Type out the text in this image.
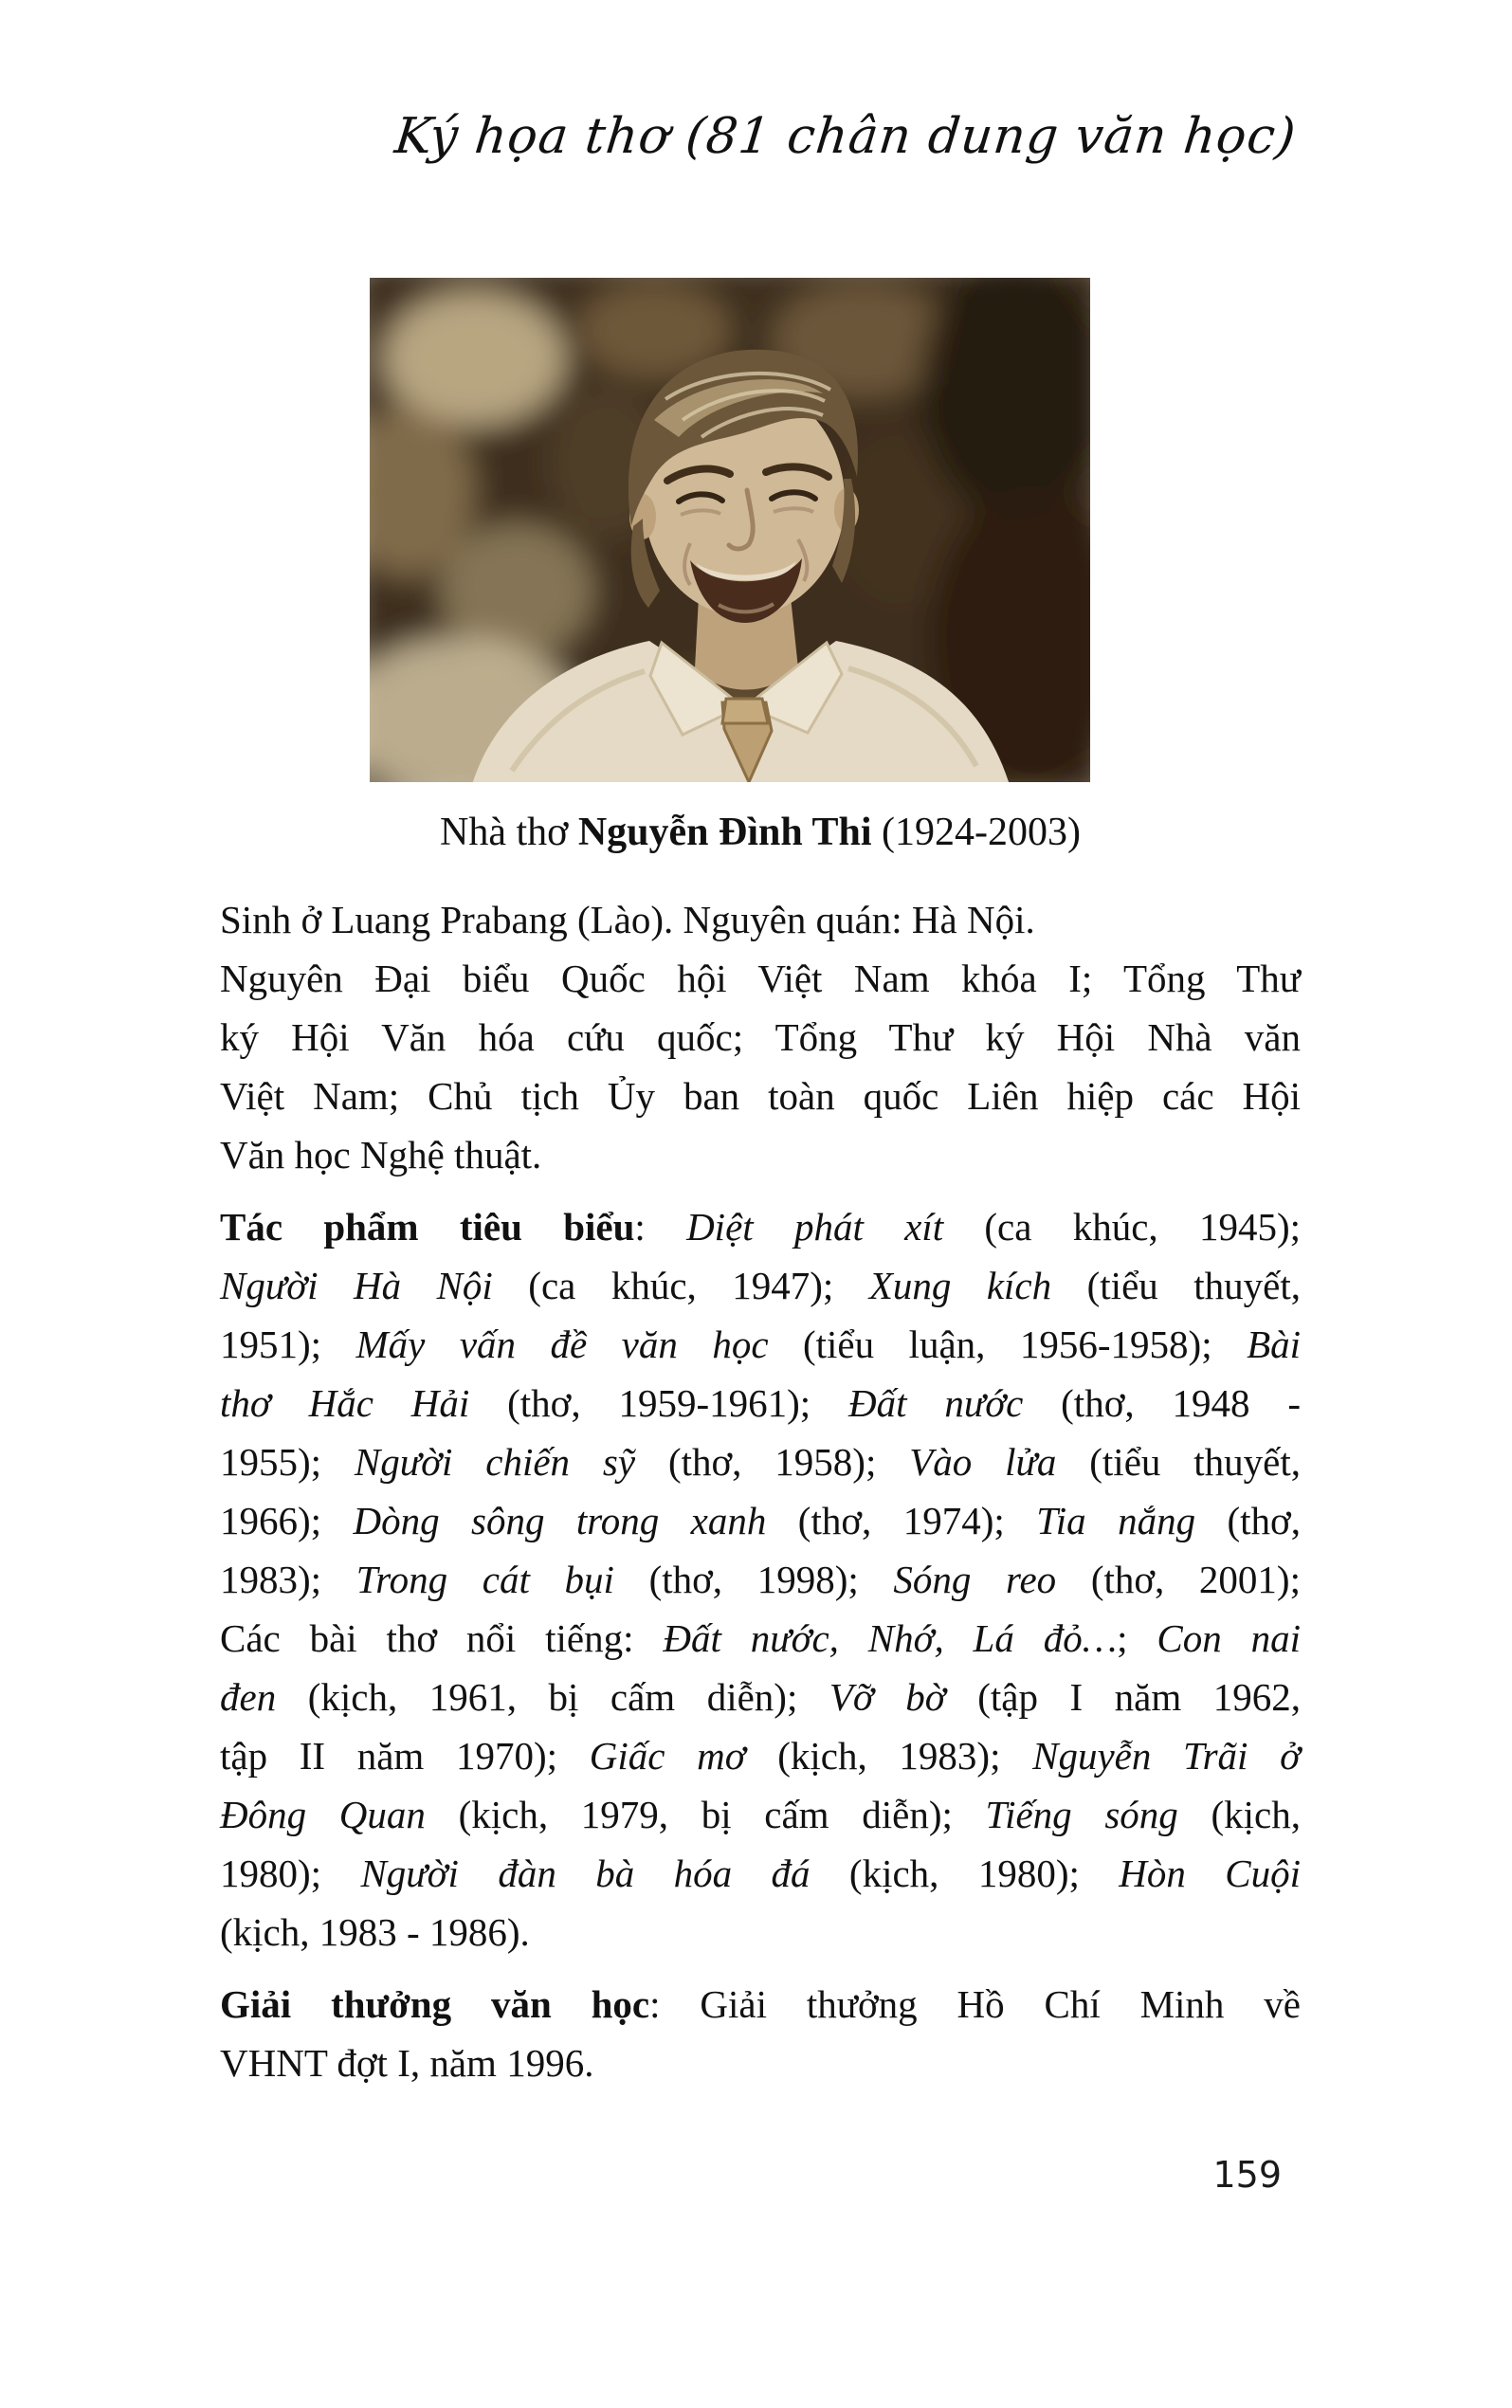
Ký họa thơ (81 chân dung văn học)
Nhà thơ Nguyễn Đình Thi (1924-2003)
Sinh ở Luang Prabang (Lào). Nguyên quán: Hà Nội.
Nguyên Đại biểu Quốc hội Việt Nam khóa I; Tổng Thư
ký Hội Văn hóa cứu quốc; Tổng Thư ký Hội Nhà văn
Việt Nam; Chủ tịch Ủy ban toàn quốc Liên hiệp các Hội
Văn học Nghệ thuật.
Tác phẩm tiêu biểu: Diệt phát xít (ca khúc, 1945);
Người Hà Nội (ca khúc, 1947); Xung kích (tiểu thuyết,
1951); Mấy vấn đề văn học (tiểu luận, 1956-1958); Bài
thơ Hắc Hải (thơ, 1959-1961); Đất nước (thơ, 1948 -
1955); Người chiến sỹ (thơ, 1958); Vào lửa (tiểu thuyết,
1966); Dòng sông trong xanh (thơ, 1974); Tia nắng (thơ,
1983); Trong cát bụi (thơ, 1998); Sóng reo (thơ, 2001);
Các bài thơ nổi tiếng: Đất nước, Nhớ, Lá đỏ…; Con nai
đen (kịch, 1961, bị cấm diễn); Vỡ bờ (tập I năm 1962,
tập II năm 1970); Giấc mơ (kịch, 1983); Nguyễn Trãi ở
Đông Quan (kịch, 1979, bị cấm diễn); Tiếng sóng (kịch,
1980); Người đàn bà hóa đá (kịch, 1980); Hòn Cuội
(kịch, 1983 - 1986).
Giải thưởng văn học: Giải thưởng Hồ Chí Minh về
VHNT đợt I, năm 1996.
159
